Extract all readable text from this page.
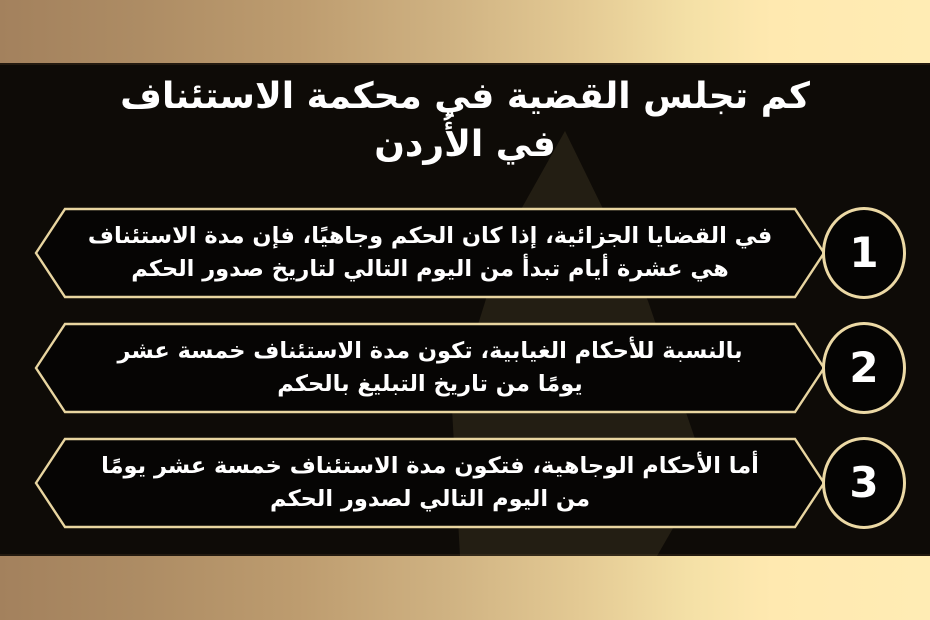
كم تجلس القضية في محكمة الاستئناف
في الأُردن
في القضايا الجزائية، إذا كان الحكم وجاهيًا، فإن مدة الاستئناف
هي عشرة أيام تبدأ من اليوم التالي لتاريخ صدور الحكم	1
بالنسبة للأحكام الغيابية، تكون مدة الاستئناف خمسة عشر
يومًا من تاريخ التبليغ بالحكم	2
أما الأحكام الوجاهية، فتكون مدة الاستئناف خمسة عشر يومًا
من اليوم التالي لصدور الحكم	3
